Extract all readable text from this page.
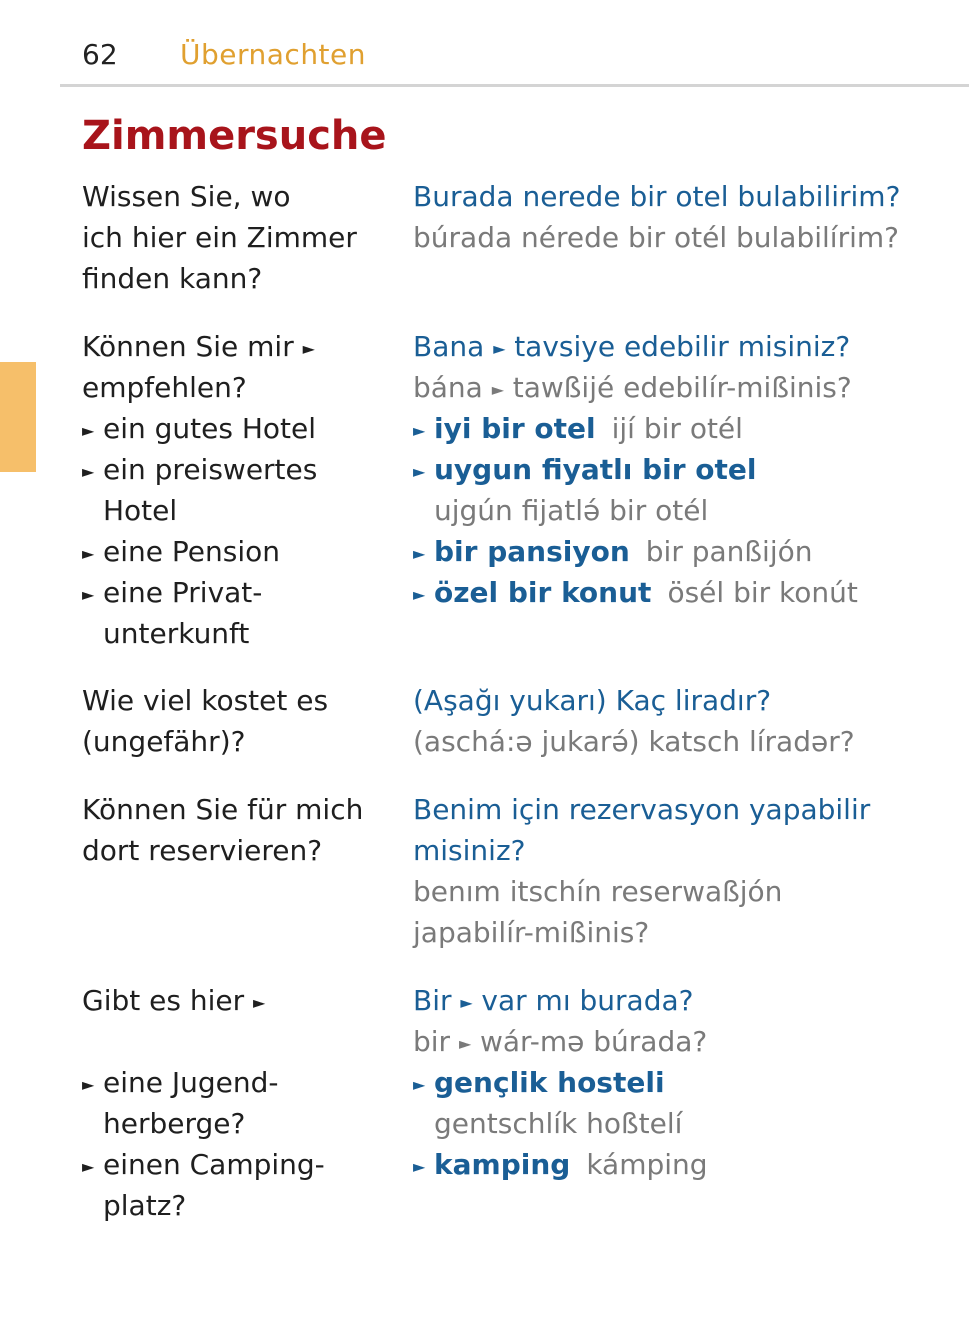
62 Übernachten
Zimmersuche
Wissen Sie, wo
ich hier ein Zimmer
finden kann?
Burada nerede bir otel bulabilirim?
búrada nérede bir otél bulabilírim?
Können Sie mir ►
empfehlen?
► ein gutes Hotel
► ein preiswertes
Hotel
► eine Pension
► eine Privat-
unterkunft
Bana ► tavsiye edebilir misiniz?
bána ► tawßijé edebilír-mißinis?
► iyi bir otel ijí bir otél
► uygun fiyatlı bir otel
ujgún fijatlə́ bir otél
► bir pansiyon bir panßijón
► özel bir konut ösél bir konút
Wie viel kostet es
(ungefähr)?
(Aşağı yukarı) Kaç liradır?
(aschá:ə jukarə́) katsch líradər?
Können Sie für mich
dort reservieren?
Benim için rezervasyon yapabilir
misiniz?
benım itschín reserwaßjón
japabilír-mißinis?
Gibt es hier ►
► eine Jugend-
herberge?
► einen Camping-
platz?
Bir ► var mı burada?
bir ► wár-mə búrada?
► gençlik hosteli
gentschlík hoßtelí
► kamping kámping
